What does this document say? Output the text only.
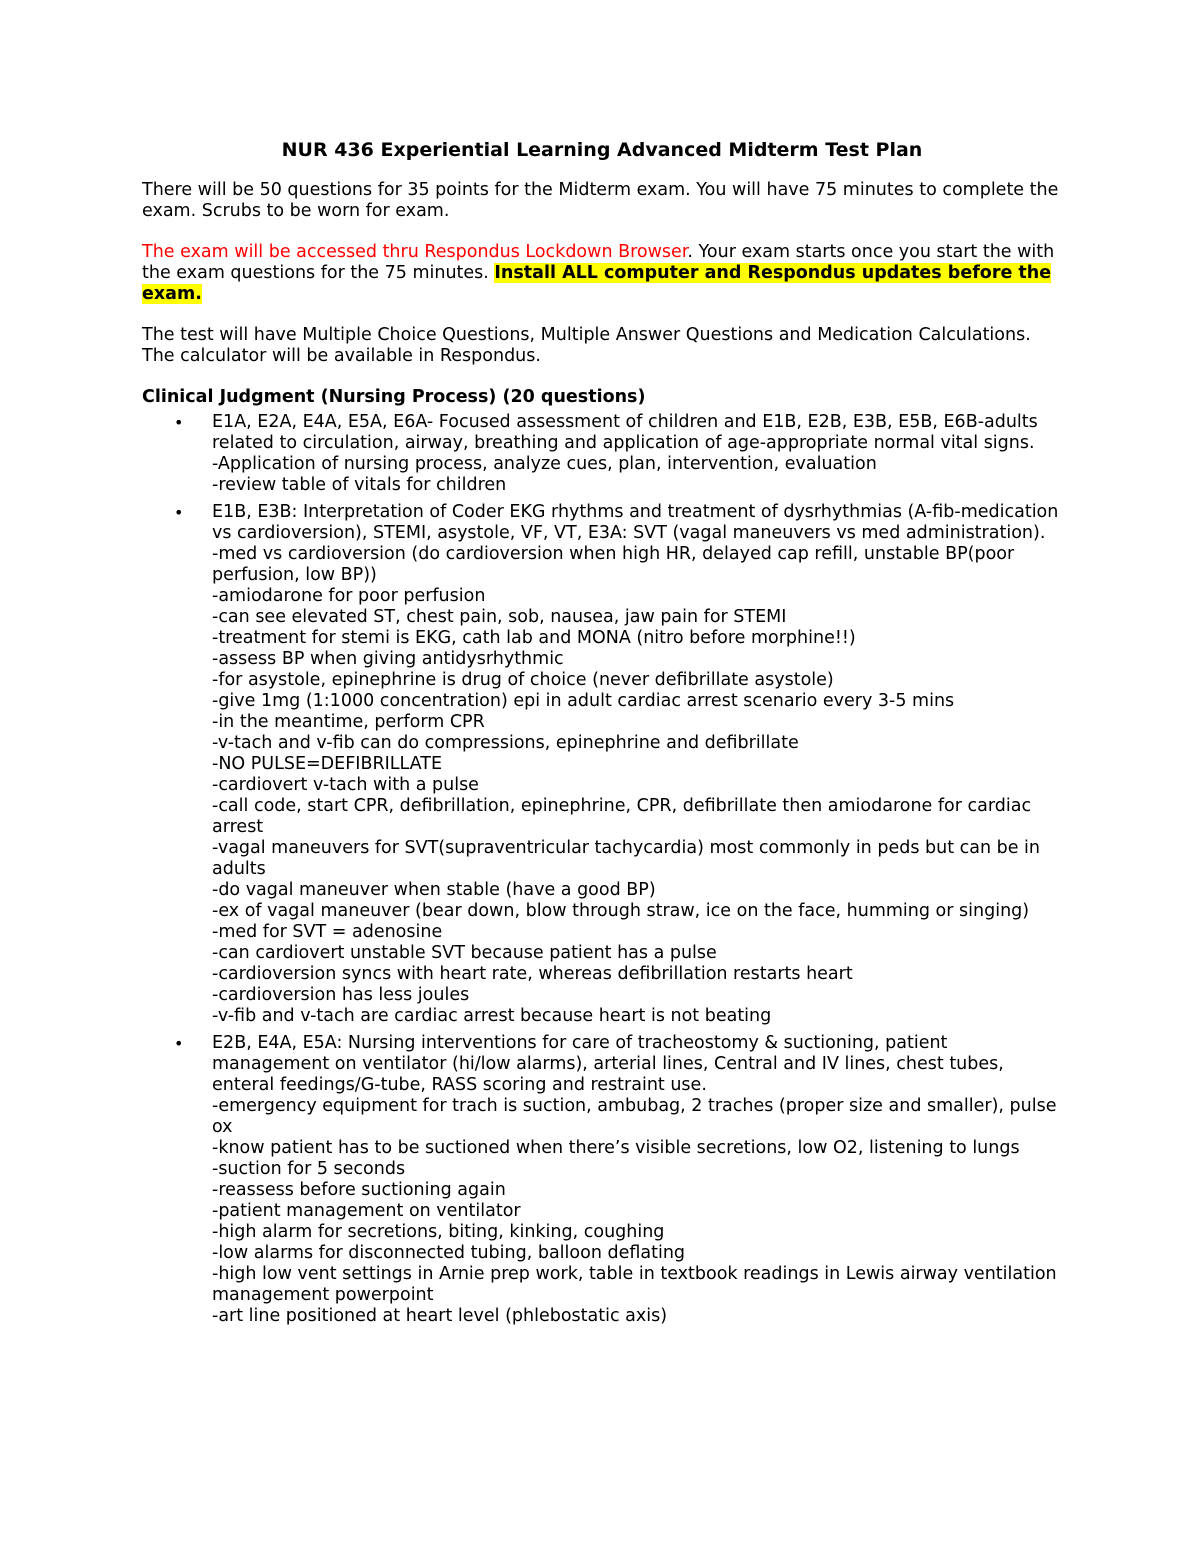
NUR 436 Experiential Learning Advanced Midterm Test Plan

There will be 50 questions for 35 points for the Midterm exam. You will have 75 minutes to complete the exam. Scrubs to be worn for exam.

The exam will be accessed thru Respondus Lockdown Browser. Your exam starts once you start the with the exam questions for the 75 minutes. Install ALL computer and Respondus updates before the exam.

The test will have Multiple Choice Questions, Multiple Answer Questions and Medication Calculations. The calculator will be available in Respondus.

Clinical Judgment (Nursing Process) (20 questions)
• E1A, E2A, E4A, E5A, E6A- Focused assessment of children and E1B, E2B, E3B, E5B, E6B-adults related to circulation, airway, breathing and application of age-appropriate normal vital signs.
-Application of nursing process, analyze cues, plan, intervention, evaluation
-review table of vitals for children
• E1B, E3B: Interpretation of Coder EKG rhythms and treatment of dysrhythmias (A-fib-medication vs cardioversion), STEMI, asystole, VF, VT, E3A: SVT (vagal maneuvers vs med administration).
-med vs cardioversion (do cardioversion when high HR, delayed cap refill, unstable BP(poor perfusion, low BP))
-amiodarone for poor perfusion
-can see elevated ST, chest pain, sob, nausea, jaw pain for STEMI
-treatment for stemi is EKG, cath lab and MONA (nitro before morphine!!)
-assess BP when giving antidysrhythmic
-for asystole, epinephrine is drug of choice (never defibrillate asystole)
-give 1mg (1:1000 concentration) epi in adult cardiac arrest scenario every 3-5 mins
-in the meantime, perform CPR
-v-tach and v-fib can do compressions, epinephrine and defibrillate
-NO PULSE=DEFIBRILLATE
-cardiovert v-tach with a pulse
-call code, start CPR, defibrillation, epinephrine, CPR, defibrillate then amiodarone for cardiac arrest
-vagal maneuvers for SVT(supraventricular tachycardia) most commonly in peds but can be in adults
-do vagal maneuver when stable (have a good BP)
-ex of vagal maneuver (bear down, blow through straw, ice on the face, humming or singing)
-med for SVT = adenosine
-can cardiovert unstable SVT because patient has a pulse
-cardioversion syncs with heart rate, whereas defibrillation restarts heart
-cardioversion has less joules
-v-fib and v-tach are cardiac arrest because heart is not beating
• E2B, E4A, E5A: Nursing interventions for care of tracheostomy & suctioning, patient management on ventilator (hi/low alarms), arterial lines, Central and IV lines, chest tubes, enteral feedings/G-tube, RASS scoring and restraint use.
-emergency equipment for trach is suction, ambubag, 2 traches (proper size and smaller), pulse ox
-know patient has to be suctioned when there’s visible secretions, low O2, listening to lungs
-suction for 5 seconds
-reassess before suctioning again
-patient management on ventilator
-high alarm for secretions, biting, kinking, coughing
-low alarms for disconnected tubing, balloon deflating
-high low vent settings in Arnie prep work, table in textbook readings in Lewis airway ventilation management powerpoint
-art line positioned at heart level (phlebostatic axis)
